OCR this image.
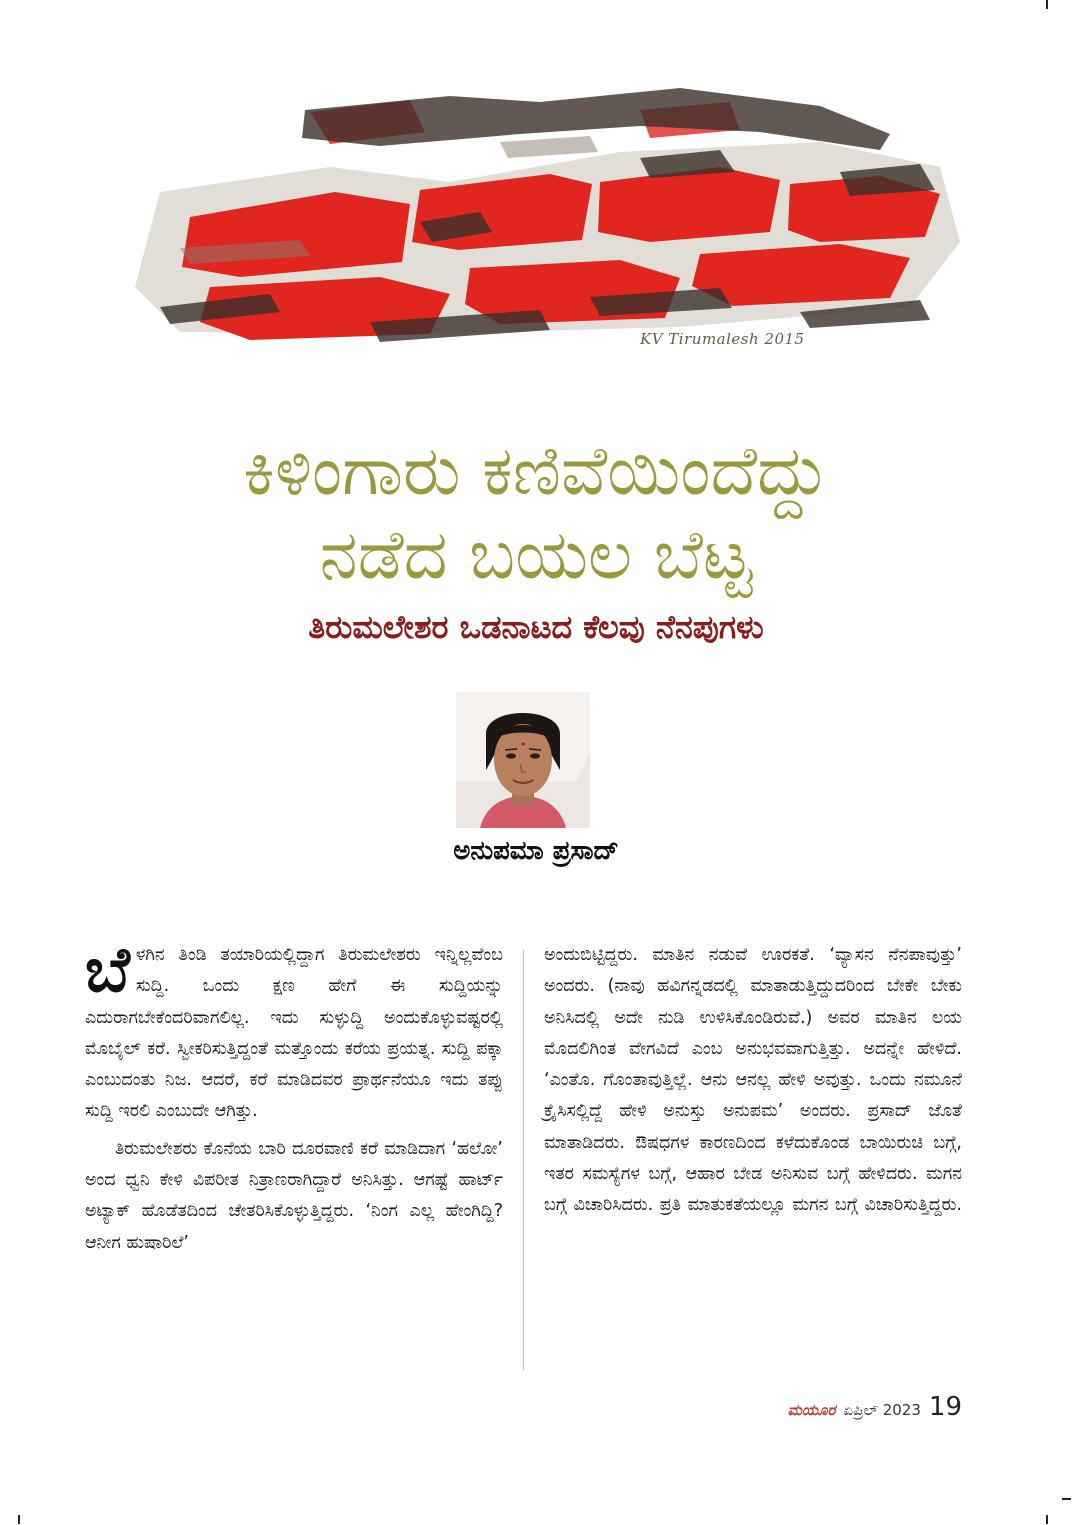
KV Tirumalesh 2015
ಕಿಳಿಂಗಾರು ಕಣಿವೆಯಿಂದೆದ್ದು
ನಡೆದ ಬಯಲ ಬೆಟ್ಟ
ತಿರುಮಲೇಶರ ಒಡನಾಟದ ಕೆಲವು ನೆನಪುಗಳು
ಅನುಪಮಾ ಪ್ರಸಾದ್

ಬೆಳಗಿನ ತಿಂಡಿ ತಯಾರಿಯಲ್ಲಿದ್ದಾಗ ತಿರುಮಲೇಶರು ಇನ್ನಿಲ್ಲವೆಂಬ ಸುದ್ದಿ. ಒಂದು ಕ್ಷಣ ಹೇಗೆ ಈ ಸುದ್ದಿಯನ್ನು ಎದುರಾಗಬೇಕೆಂದರಿವಾಗಲಿಲ್ಲ. ಇದು ಸುಳ್ಳುದ್ದಿ ಅಂದುಕೊಳ್ಳುವಷ್ಟರಲ್ಲಿ ಮೊಬೈಲ್ ಕರೆ. ಸ್ವೀಕರಿಸುತ್ತಿದ್ದಂತೆ ಮತ್ತೊಂದು ಕರೆಯ ಪ್ರಯತ್ನ. ಸುದ್ದಿ ಪಕ್ಕಾ ಎಂಬುದಂತು ನಿಜ. ಆದರೆ, ಕರೆ ಮಾಡಿದವರ ಪ್ರಾರ್ಥನೆಯೂ ಇದು ತಪ್ಪು ಸುದ್ದಿ ಇರಲಿ ಎಂಬುದೇ ಆಗಿತ್ತು.

ತಿರುಮಲೇಶರು ಕೊನೆಯ ಬಾರಿ ದೂರವಾಣಿ ಕರೆ ಮಾಡಿದಾಗ ‘ಹಲೋ’ ಅಂದ ಧ್ವನಿ ಕೇಳಿ ವಿಪರೀತ ನಿತ್ರಾಣರಾಗಿದ್ದಾರೆ ಅನಿಸಿತ್ತು. ಆಗಷ್ಟೆ ಹಾರ್ಟ್ ಅಟ್ಯಾಕ್ ಹೊಡೆತದಿಂದ ಚೇತರಿಸಿಕೊಳ್ಳುತ್ತಿದ್ದರು. ‘ನಿಂಗ ಎಲ್ಲ ಹೇಂಗಿದ್ದಿ? ಆನೀಗ ಹುಷಾರಿಲೆ’

ಅಂದುಬಿಟ್ಟಿದ್ದರು. ಮಾತಿನ ನಡುವೆ ಊರಕತೆ. ‘ವ್ಯಾಸನ ನೆನಪಾವುತ್ತು’ ಅಂದರು. (ನಾವು ಹವಿಗನ್ನಡದಲ್ಲಿ ಮಾತಾಡುತ್ತಿದ್ದುದರಿಂದ ಬೇಕೇ ಬೇಕು ಅನಿಸಿದಲ್ಲಿ ಅದೇ ನುಡಿ ಉಳಿಸಿಕೊಂಡಿರುವೆ.) ಅವರ ಮಾತಿನ ಲಯ ಮೊದಲಿಗಿಂತ ವೇಗವಿದೆ ಎಂಬ ಅನುಭವವಾಗುತ್ತಿತ್ತು. ಅದನ್ನೇ ಹೇಳಿದೆ. ‘ಎಂತೊ. ಗೊಂತಾವುತ್ತಿಲ್ಲೆ. ಆನು ಆನಲ್ಲ ಹೇಳಿ ಅವುತ್ತು. ಒಂದು ನಮೂನೆ ಕ್ರೈಸಿಸಲ್ಲಿದ್ದೆ ಹೇಳಿ ಅನುಸ್ತು ಅನುಪಮ’ ಅಂದರು. ಪ್ರಸಾದ್ ಜೊತೆ ಮಾತಾಡಿದರು. ಔಷಧಗಳ ಕಾರಣದಿಂದ ಕಳೆದುಕೊಂಡ ಬಾಯಿರುಚಿ ಬಗ್ಗೆ, ಇತರ ಸಮಸ್ಯೆಗಳ ಬಗ್ಗೆ, ಆಹಾರ ಬೇಡ ಅನಿಸುವ ಬಗ್ಗೆ ಹೇಳಿದರು. ಮಗನ ಬಗ್ಗೆ ವಿಚಾರಿಸಿದರು. ಪ್ರತಿ ಮಾತುಕತೆಯಲ್ಲೂ ಮಗನ ಬಗ್ಗೆ ವಿಚಾರಿಸುತ್ತಿದ್ದರು.

ಮಯೂರ ಏಪ್ರಿಲ್ 2023 19
